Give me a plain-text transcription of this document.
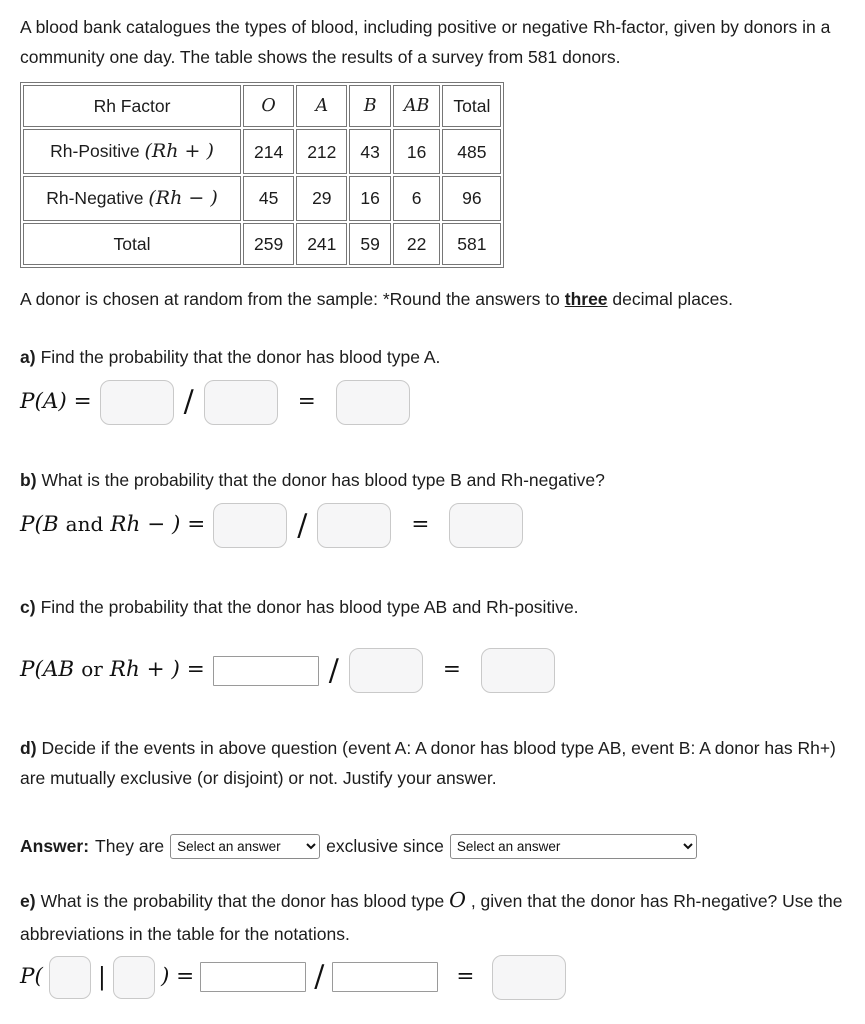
A blood bank catalogues the types of blood, including positive or negative Rh-factor, given by donors in a community one day. The table shows the results of a survey from 581 donors.

Rh Factor	O	A	B	AB	Total
Rh-Positive (Rh + )	214	212	43	16	485
Rh-Negative (Rh − )	45	29	16	6	96
Total	259	241	59	22	581

A donor is chosen at random from the sample: *Round the answers to three decimal places.

a) Find the probability that the donor has blood type A.

P(A) =	/	=

b) What is the probability that the donor has blood type B and Rh-negative?

P(B and Rh − ) =	/	=

c) Find the probability that the donor has blood type AB and Rh-positive.

P(AB or Rh + ) =	/	=

d) Decide if the events in above question (event A: A donor has blood type AB, event B: A donor has Rh+) are mutually exclusive (or disjoint) or not. Justify your answer.

Answer: They are
Select an answer	exclusive since
Select an answer

e) What is the probability that the donor has blood type O , given that the donor has Rh-negative? Use the abbreviations in the table for the notations.

P( |	) =	/	=
